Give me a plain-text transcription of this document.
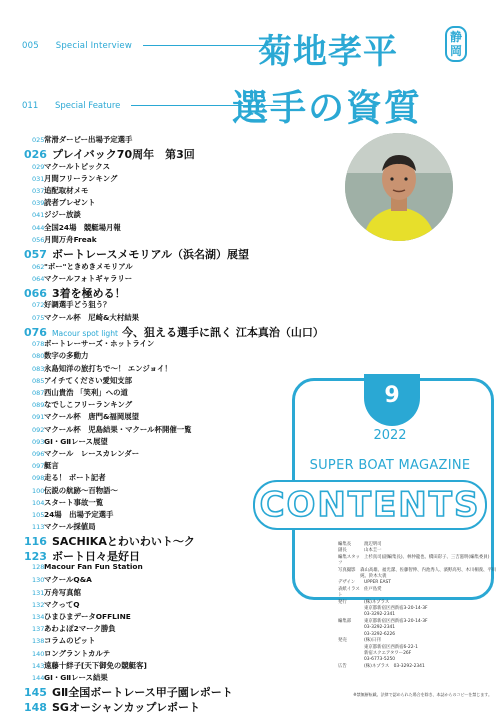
005 Special Interview	菊地孝平	静岡
011 Special Feature	選手の資質
025 常滑ダービー出場予定選手
026 プレイバック70周年　第3回
029 マクールトピックス
031 月間フリーランキング
037 追配取材メモ
039 読者プレゼント
041 ジジー放談
044 全国24場　競艇場月報
056 月間万舟Freak
057 ボートレースメモリアル（浜名湖）展望
062 "ボー"ときめきメモリアル
064 マクールフォトギャラリー
066 3着を極める！
072 好調選手どう狙う？
075 マクール杯　尼崎&大村結果
076 Macour spot light 今、狙える選手に訊く 江本真治（山口）
078 ボートレーサーズ・ホットライン
080 数字の多動力
083 永島知洋の旅打ちで〜！ エンジョイ！
085 アイチてください愛知支部
087 西山貴浩 「笑利」への道
089 なでしこフリーランキング
091 マクール杯　唐門&福岡展望
092 マクール杯　児島結果・マクール杯開催一覧
093 GⅠ・GⅡレース展望
096 マクール　レースカレンダー
097 艇言
098 走る！ ボート記者
100 伝説の航跡〜百物語〜
104 スタート事故一覧
105 24場　出場予定選手
113 マクール採値局
116 SACHIKAとわいわいト〜ク
123 ボート日々是好日
128 Macour Fan Fun Station
130 マクールQ&A
131 万舟写真館
132 マクってQ
134 ひまひまデータOFFLINE
137 あわよぽ2マーク勝負
138 コラムのピット
140 ロングラントカルテ
143 遠藤十絆子[天下御免の競艇客]
144 GⅠ・GⅡレース結果
145 GⅡ全国ボートレース甲子園レポート
148 SGオーシャンカップレポート
9
2022
SUPER BOAT MAGAZINE
CONTENTS
編集長	渡辺明司
副長	山本圭一
編集スタッフ
上杉真司(副編集長)、林仲龍也、橋田彩子、三吉滋明(編集委員)
写真撮影	森山高雄、福光潔、佐藤智伸、内池秀人、濱野高男、木川桐義、平川純、鈴木大義
デザイン	UPPER EAST
表紙イラスト
佐戸島愛
発行	(株)ネプラス
東京都新宿区西新宿3-20-14-3F
03-3292-2341
編集部	東京都新宿区西新宿3-20-14-3F
03-3292-2341
03-3292-6226
発売	(株)日刊
東京都新宿区西新宿6-22-1
新宿スクエアタワー26F
03-6773-5250
広告	(株)ネプラス　03-3292-2341
※禁無断転載。法律で認められた場合を除き、本誌からのコピーを禁じます。
